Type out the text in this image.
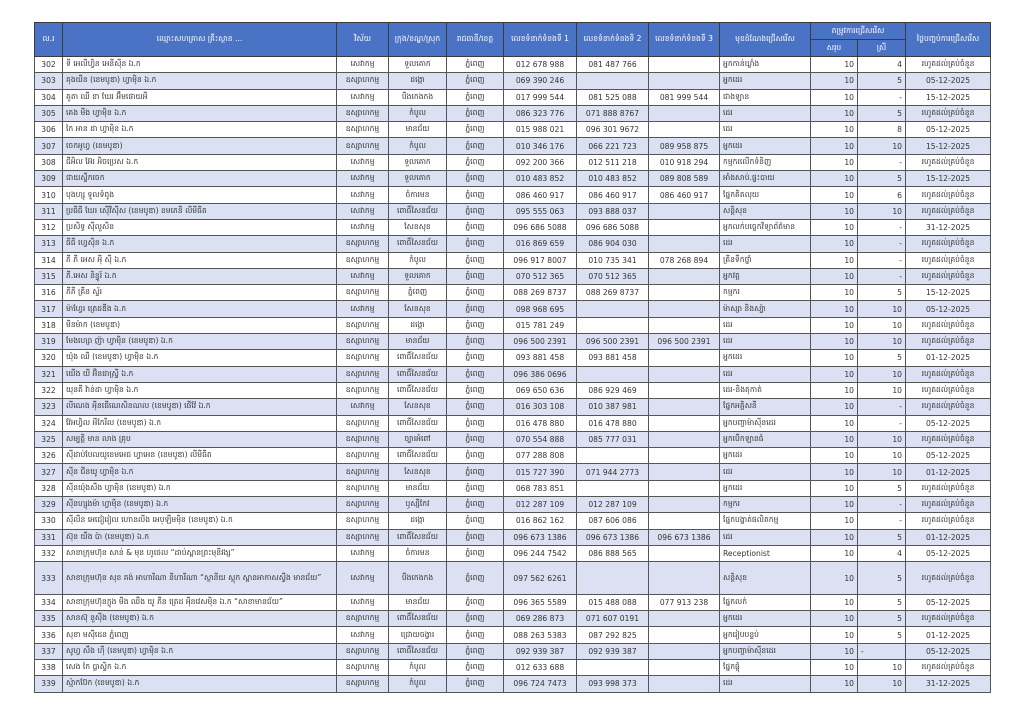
ល.រ	ឈ្មោះសហគ្រាស គ្រឹះស្ថាន ...	វិស័យ	ក្រុង/ខណ្ឌ/ស្រុក	រាជធានី/ខេត្ត	លេខទំនាក់ទំនងទី 1	លេខទំនាក់ទំនងទី 2	លេខទំនាក់ទំនងទី 3	មុខដំណែងជ្រើសរើស	តម្រូវការជ្រើសរើស		ថ្ងៃបញ្ចប់ការជ្រើសរើស
									សរុប	ស្រី	
302	ទី អេលីហ្វិន អេនីស៊ីន ឯ.ក	សេវាកម្ម	ទួលគោក	ភ្នំពេញ	012 678 988	081 487 766		អ្នកកាន់ឃ្លាំង	10	4	រហូតដល់គ្រប់ចំនួន
303	គុងយីន (ខេមបូឌា) ហ្វាម៉ិន ឯ.ក	ឧស្សាហកម្ម	ដង្កោ	ភ្នំពេញ	069 390 246			អ្នកដេរ	10	5	05-12-2025
304	គូតា ឈី ខា ឃែរ អ៊ឹមផោយអឺ	សេវាកម្ម	បឹងកេងកង	ភ្នំពេញ	017 999 544	081 525 088	081 999 544	ជាងឡាន	10	-	15-12-2025
305	គេង មីង ហ្វាម៉ិន ឯ.ក	ឧស្សាហកម្ម	កំបូល	ភ្នំពេញ	086 323 776	071 888 8767		ដេរ	10	5	រហូតដល់គ្រប់ចំនួន
306	កៃ អាន ដា ហ្វាម៉ិន ឯ.ក	ឧស្សាហកម្ម	មានជ័យ	ភ្នំពេញ	015 988 021	096 301 9672		ដេរ	10	8	05-12-2025
307	ចេកអូហ្វ (ខេមបូឌា)	ឧស្សាហកម្ម	កំបូល	ភ្នំពេញ	010 346 176	066 221 723	089 958 875	អ្នកដេរ	10	10	15-12-2025
308	ជីអិល អ៊ែរ អិចប្រេស ឯ.ក	សេវាកម្ម	ទួលគោក	ភ្នំពេញ	092 200 366	012 511 218	010 918 294	កម្មករលើកទំនិញ	10	-	រហូតដល់គ្រប់ចំនួន
309	ជាយស្ទឹកចេក	សេវាកម្ម	ទួលគោក	ភ្នំពេញ	010 483 852	010 483 852	089 808 589	អាំងសាប់.ផ្ទះបាយ	10	5	15-12-2025
310	បុងហ្សុ ទួលទំពូង	សេវាកម្ម	ចំការមន	ភ្នំពេញ	086 460 917	086 460 917	086 460 917	ផ្នែកគិតលុយ	10	6	រហូតដល់គ្រប់ចំនួន
311	ប្រធីធី ឃែរ ស៊ើវីស៊ីស (ខេមបូឌា) ខមភេនី លីមីធីត	សេវាកម្ម	ពោធិ៍សែនជ័យ	ភ្នំពេញ	095 555 063	093 888 037		សន្តិសុខ	10	10	រហូតដល់គ្រប់ចំនួន
312	ប្រសិទ្ធ ស៊ីលួសិន	សេវាកម្ម	សែនសុខ	ភ្នំពេញ	096 686 5088	096 686 5088		អ្នកលក់បច្ចេកវិទ្យាព័ត៌មាន	10	-	31-12-2025
313	ធីធី ហ្វេស៊ិន ឯ.ក	ឧស្សាហកម្ម	ពោធិ៍សែនជ័យ	ភ្នំពេញ	016 869 659	086 904 030		ដេរ	10	-	រហូតដល់គ្រប់ចំនួន
314	ភី ភី អេស អុី ស៊ី ឯ.ក	ឧស្សាហកម្ម	កំបូល	ភ្នំពេញ	096 917 8007	010 735 341	078 268 894	គ្រីនទឹកថ្នាំ	10	-	រហូតដល់គ្រប់ចំនួន
315	ភី.អេស និន្ទូរ៍ ឯ.ក	សេវាកម្ម	ទួលគោក	ភ្នំពេញ	070 512 365	070 512 365		អ្នកវត្ត	10	-	រហូតដល់គ្រប់ចំនួន
316	ភីភី គ្រីន ស្ទ័រ	ឧស្សាហកម្ម	ភ្នំពេញ	ភ្នំពេញ	088 269 8737	088 269 8737		កម្មករ	10	5	15-12-2025
317	ម៉ាហ្វែរ ត្រេដឌីង ឯ.ក	សេវាកម្ម	សែនសុខ	ភ្នំពេញ	098 968 695			ម៉ាស្សា និងស្ប៉ា	10	10	05-12-2025
318	មីនម៉ាក (ខេមបូឌា)	ឧស្សាហកម្ម	ដង្កោ	ភ្នំពេញ	015 781 249			ដេរ	10	10	រហូតដល់គ្រប់ចំនួន
319	មែងហ្សោ ញ៉ា ហ្វាម៉ិន (ខេមបូឌា) ឯ.ក	ឧស្សាហកម្ម	មានជ័យ	ភ្នំពេញ	096 500 2391	096 500 2391	096 500 2391	ដេរ	10	10	រហូតដល់គ្រប់ចំនួន
320	យ៉ុង ឈី (ខេមបូឌា) ហ្វាម៉ិន ឯ.ក	ឧស្សាហកម្ម	ពោធិ៍សែនជ័យ	ភ្នំពេញ	093 881 458	093 881 458		អ្នកដេរ	10	5	01-12-2025
321	យើង យី អ៊ិនដាស្ទ្រី ឯ.ក	ឧស្សាហកម្ម	ពោធិ៍សែនជ័យ	ភ្នំពេញ	096 386 0696			ដេរ	10	10	រហូតដល់គ្រប់ចំនួន
322	យុនតី វ៉ាន់ដា ហ្វាម៉ិន ឯ.ក	ឧស្សាហកម្ម	ពោធិ៍សែនជ័យ	ភ្នំពេញ	069 650 636	086 929 469		ដេរ-និងតុកាត់	10	10	រហូតដល់គ្រប់ចំនួន
323	លីណេង អុីនធើណេសិនណល (ខេមបូឌា) ផើវ៉ែ ឯ.ក	សេវាកម្ម	សែនសុខ	ភ្នំពេញ	016 303 108	010 387 981		ផ្នែកអគ្គិសនី	10	-	រហូតដល់គ្រប់ចំនួន
324	វ៉ែអហ្វិល អីកែរីល (ខេមបូឌា) ឯ.ក	ឧស្សាហកម្ម	ពោធិ៍សែនជ័យ	ភ្នំពេញ	016 478 880	016 478 880		អ្នកបញ្ជាម៉ាស៊ីនដេរ	10	-	05-12-2025
325	សម្បត្តិ មាន លាង គ្រុប	ឧស្សាហកម្ម	ច្បារអំពៅ	ភ្នំពេញ	070 554 888	085 777 031		អ្នកបើកឡានធំ	10	10	រហូតដល់គ្រប់ចំនួន
326	ស៊ីដាប់បែលយូខេមអេជ ហ្វាអេន (ខេមបូឌា) លីមីធីត	ឧស្សាហកម្ម	ពោធិ៍សែនជ័យ	ភ្នំពេញ	077 288 808			អ្នកដេរ	10	10	05-12-2025
327	ស៊ីន ជីនយូ ហ្វាម៉ិន ឯ.ក	ឧស្សាហកម្ម	សែនសុខ	ភ្នំពេញ	015 727 390	071 944 2773		ដេរ	10	10	01-12-2025
328	ស៊ីនយ៉ុងសឹង ហ្វាម៉ិន (ខេមបូឌា) ឯ.ក	ឧស្សាហកម្ម	មានជ័យ	ភ្នំពេញ	068 783 851			អ្នកដេរ	10	5	រហូតដល់គ្រប់ចំនួន
329	ស៊ីនហ្សុងម៉ា ហ្វាម៉ិន (ខេមបូឌា) ឯ.ក	ឧស្សាហកម្ម	ឫស្សីកែវ	ភ្នំពេញ	012 287 109	012 287 109		កម្មករ	10	-	រហូតដល់គ្រប់ចំនួន
330	ស៊ីលីន អេជៀរៀល ហោនលីង អេប្ឡឺមម៉ិន (ខេមបូឌា) ឯ.ក	ឧស្សាហកម្ម	ដង្កោ	ភ្នំពេញ	016 862 162	087 606 086		ផ្នែកបង្ហាត់ផលិតកម្ម	10	-	រហូតដល់គ្រប់ចំនួន
331	ស៊ុន យឹង ប៉ា (ខេមបូឌា) ឯ.ក	ឧស្សាហកម្ម	ពោធិ៍សែនជ័យ	ភ្នំពេញ	096 673 1386	096 673 1386	096 673 1386	ដេរ	10	5	01-12-2025
332	សាខាក្រុមហ៊ុន សាន់ & មុន ហូថេល “ដាប់ស្ពានព្រះមុនីវង្ស”	សេវាកម្ម	ចំការមន	ភ្នំពេញ	096 244 7542	086 888 565		Receptionist	10	4	05-12-2025
333	សាខាក្រុមហ៊ុន សុខ គង់ អាហារីណា នីហារីណា “ស្ថានីយ ស្តុក ស្ពានអាកាសស្ទឹង មានជ័យ”	សេវាកម្ម	បឹងកេងកង	ភ្នំពេញ	097 562 6261			សន្តិសុខ	10	5	រហូតដល់គ្រប់ចំនួន
334	សាខាក្រុមហ៊ុនក្លូង មីង ឈឹង យូ ភីន ត្រេដ អុីនវេសម៉ិន ឯ.ក “សាខាមានជ័យ”	សេវាកម្ម	មានជ័យ	ភ្នំពេញ	096 365 5589	015 488 088	077 913 238	ផ្នែកលក់	10	5	05-12-2025
335	សានស៊ុ នួស៊ីង (ខេមបូឌា) ឯ.ក	ឧស្សាហកម្ម	ពោធិ៍សែនជ័យ	ភ្នំពេញ	069 286 873	071 607 0191		អ្នកដេរ	10	5	រហូតដល់គ្រប់ចំនួន
336	សុខា មស៊ីដេន ភ្នំពេញ	សេវាកម្ម	ជ្រោយចង្វារ	ភ្នំពេញ	088 263 5383	087 292 825		អ្នករៀបបន្ទប់	10	5	01-12-2025
337	សូហ្វ សឹង ហ៊ី (ខេមបូឌា) ហ្វាម៉ិន ឯ.ក	ឧស្សាហកម្ម	ពោធិ៍សែនជ័យ	ភ្នំពេញ	092 939 387	092 939 387		អ្នកបញ្ជាម៉ាស៊ីនដេរ	10	-	05-12-2025
338	សេង កៃ ប្លាស្ទិក ឯ.ក	ឧស្សាហកម្ម	កំបូល	ភ្នំពេញ	012 633 688			ផ្នែកផ្គុំ	10	10	រហូតដល់គ្រប់ចំនួន
339	ស្ម៉ាកប៊ែក (ខេមបូឌា) ឯ.ក	ឧស្សាហកម្ម	កំបូល	ភ្នំពេញ	096 724 7473	093 998 373		ដេរ	10	10	31-12-2025
